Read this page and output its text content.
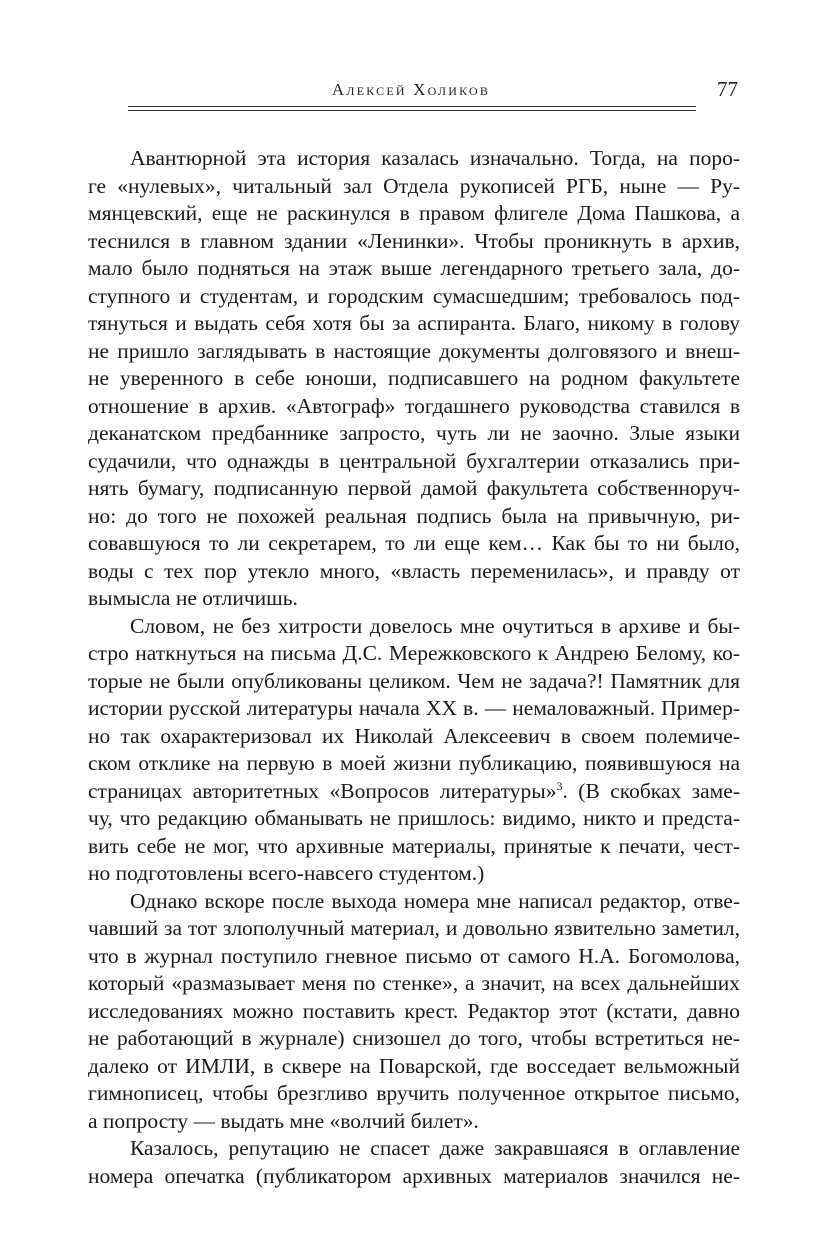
Алексей Холиков	77
Авантюрной эта история казалась изначально. Тогда, на поро-
ге «нулевых», читальный зал Отдела рукописей РГБ, ныне — Ру-
мянцевский, еще не раскинулся в правом флигеле Дома Пашкова, а
теснился в главном здании «Ленинки». Чтобы проникнуть в архив,
мало было подняться на этаж выше легендарного третьего зала, до-
ступного и студентам, и городским сумасшедшим; требовалось под-
тянуться и выдать себя хотя бы за аспиранта. Благо, никому в голову
не пришло заглядывать в настоящие документы долговязого и внеш-
не уверенного в себе юноши, подписавшего на родном факультете
отношение в архив. «Автограф» тогдашнего руководства ставился в
деканатском предбаннике запросто, чуть ли не заочно. Злые языки
судачили, что однажды в центральной бухгалтерии отказались при-
нять бумагу, подписанную первой дамой факультета собственноруч-
но: до того не похожей реальная подпись была на привычную, ри-
совавшуюся то ли секретарем, то ли еще кем… Как бы то ни было,
воды с тех пор утекло много, «власть переменилась», и правду от
вымысла не отличишь.
Словом, не без хитрости довелось мне очутиться в архиве и бы-
стро наткнуться на письма Д.С. Мережковского к Андрею Белому, ко-
торые не были опубликованы целиком. Чем не задача?! Памятник для
истории русской литературы начала XX в. — немаловажный. Пример-
но так охарактеризовал их Николай Алексеевич в своем полемиче-
ском отклике на первую в моей жизни публикацию, появившуюся на
страницах авторитетных «Вопросов литературы»$^3$. (В скобках заме-
чу, что редакцию обманывать не пришлось: видимо, никто и предста-
вить себе не мог, что архивные материалы, принятые к печати, чест-
но подготовлены всего-навсего студентом.)
Однако вскоре после выхода номера мне написал редактор, отве-
чавший за тот злополучный материал, и довольно язвительно заметил,
что в журнал поступило гневное письмо от самого Н.А. Богомолова,
который «размазывает меня по стенке», а значит, на всех дальнейших
исследованиях можно поставить крест. Редактор этот (кстати, давно
не работающий в журнале) снизошел до того, чтобы встретиться не-
далеко от ИМЛИ, в сквере на Поварской, где восседает вельможный
гимнописец, чтобы брезгливо вручить полученное открытое письмо,
а попросту — выдать мне «волчий билет».
Казалось, репутацию не спасет даже закравшаяся в оглавление
номера опечатка (публикатором архивных материалов значился не-
